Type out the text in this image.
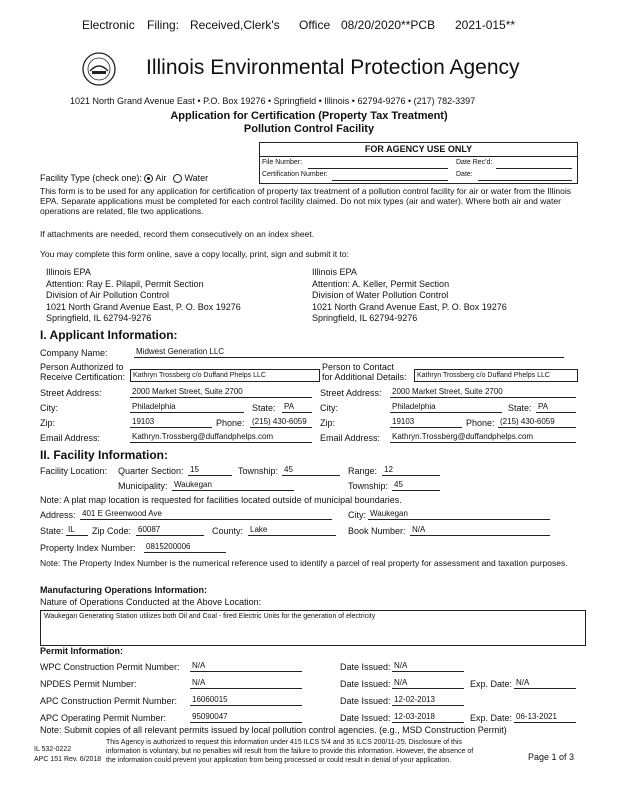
Electronic Filing: Received,Clerk's Office 08/20/2020**PCB 2021-015**
Illinois Environmental Protection Agency
1021 North Grand Avenue East • P.O. Box 19276 • Springfield • Illinois • 62794-9276 • (217) 782-3397
Application for Certification (Property Tax Treatment)
Pollution Control Facility
FOR AGENCY USE ONLY
File Number:	Date Rec'd:
Certification Number:	Date:
Facility Type (check one): Air Water
This form is to be used for any application for certification of property tax treatment of a pollution control facility for air or water from the Illinois EPA. Separate applications must be completed for each control facility claimed. Do not mix types (air and water). Where both air and water operations are related, file two applications.
If attachments are needed, record them consecutively on an index sheet.
You may complete this form online, save a copy locally, print, sign and submit it to:
Illinois EPA
Attention: Ray E. Pilapil, Permit Section
Division of Air Pollution Control
1021 North Grand Avenue East, P. O. Box 19276
Springfield, IL 62794-9276
Illinois EPA
Attention: A. Keller, Permit Section
Division of Water Pollution Control
1021 North Grand Avenue East, P. O. Box 19276
Springfield, IL 62794-9276
I. Applicant Information:
Company Name:	Midwest Generation LLC
Person Authorized to
Receive Certification:	Kathryn Trossberg c/o Duffand Phelps LLC
Person to Contact
for Additional Details:	Kathryn Trossberg c/o Duffand Phelps LLC
Street Address:	2000 Market Street, Suite 2700	Street Address: 2000 Market Street, Suite 2700
City:	Philadelphia	State: PA	City:	Philadelphia	State: PA
Zip:	19103	Phone: (215) 430-6059	Zip:	19103	Phone: (215) 430-6059
Email Address:	Kathryn.Trossberg@duffandphelps.com	Email Address: Kathryn.Trossberg@duffandphelps.com
II. Facility Information:
Facility Location: Quarter Section: 15	Township: 45	Range: 12
Municipality: Waukegan	Township: 45
Note: A plat map location is requested for facilities located outside of municipal boundaries.
Address: 401 E Greenwood Ave	City: Waukegan
State: IL	Zip Code: 60087	County: Lake	Book Number: N/A
Property Index Number: 0815200006
Note: The Property Index Number is the numerical reference used to identify a parcel of real property for assessment and taxation purposes.
Manufacturing Operations Information:
Nature of Operations Conducted at the Above Location:
Waukegan Generating Station utilizes both Oil and Coal - fired Electric Units for the generation of electricity
Permit Information:
WPC Construction Permit Number: N/A	Date Issued: N/A
NPDES Permit Number:	N/A	Date Issued: N/A	Exp. Date: N/A
APC Construction Permit Number: 16060015	Date Issued: 12-02-2013
APC Operating Permit Number:	95090047	Date Issued: 12-03-2018	Exp. Date: 06-13-2021
Note: Submit copies of all relevant permits issued by local pollution control agencies. (e.g., MSD Construction Permit)
IL 532-0222
APC 151 Rev. 6/2018
This Agency is authorized to request this information under 415 ILCS 5/4 and 35 ILCS 200/11-25. Disclosure of this information is voluntary, but no penalties will result from the failure to provide this information. However, the absence of the information could prevent your application from being processed or could result in denial of your application.	Page 1 of 3
